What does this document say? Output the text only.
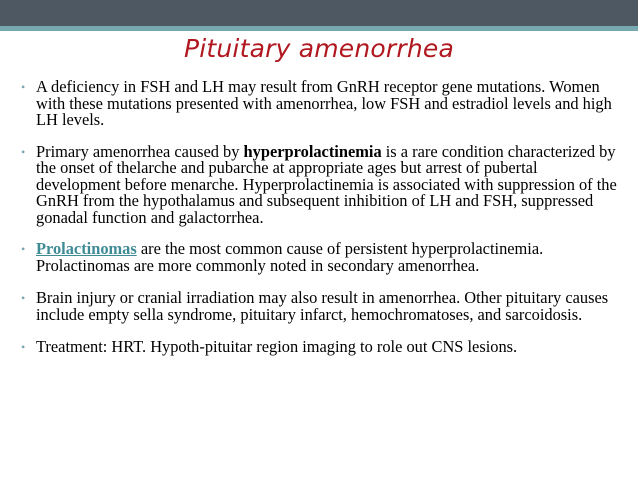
Pituitary amenorrhea
• A deficiency in FSH and LH may result from GnRH receptor gene mutations. Women with these mutations presented with amenorrhea, low FSH and estradiol levels and high LH levels.
• Primary amenorrhea caused by hyperprolactinemia is a rare condition characterized by the onset of thelarche and pubarche at appropriate ages but arrest of pubertal development before menarche. Hyperprolactinemia is associated with suppression of the GnRH from the hypothalamus and subsequent inhibition of LH and FSH, suppressed gonadal function and galactorrhea.
• Prolactinomas are the most common cause of persistent hyperprolactinemia. Prolactinomas are more commonly noted in secondary amenorrhea.
• Brain injury or cranial irradiation may also result in amenorrhea. Other pituitary causes include empty sella syndrome, pituitary infarct, hemochromatoses, and sarcoidosis.
• Treatment: HRT. Hypoth-pituitar region imaging to role out CNS lesions.
